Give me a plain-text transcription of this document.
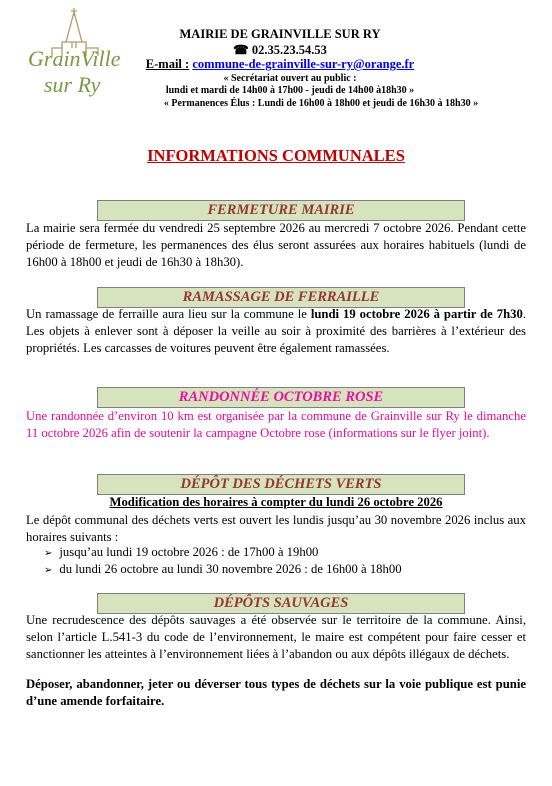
GrainVille
sur Ry
MAIRIE DE GRAINVILLE SUR RY
☎ 02.35.23.54.53
E-mail : commune-de-grainville-sur-ry@orange.fr
« Secrétariat ouvert au public :
lundi et mardi de 14h00 à 17h00 - jeudi de 14h00 à18h30 »
« Permanences Élus : Lundi de 16h00 à 18h00 et jeudi de 16h30 à 18h30 »
INFORMATIONS COMMUNALES
FERMETURE MAIRIE
La mairie sera fermée du vendredi 25 septembre 2026 au mercredi 7 octobre 2026. Pendant cette période de fermeture, les permanences des élus seront assurées aux horaires habituels (lundi de 16h00 à 18h00 et jeudi de 16h30 à 18h30).
RAMASSAGE DE FERRAILLE
Un ramassage de ferraille aura lieu sur la commune le lundi 19 octobre 2026 à partir de 7h30. Les objets à enlever sont à déposer la veille au soir à proximité des barrières à l’extérieur des propriétés. Les carcasses de voitures peuvent être également ramassées.
RANDONNÉE OCTOBRE ROSE
Une randonnée d’environ 10 km est organisée par la commune de Grainville sur Ry le dimanche 11 octobre 2026 afin de soutenir la campagne Octobre rose (informations sur le flyer joint).
DÉPÔT DES DÉCHETS VERTS
Modification des horaires à compter du lundi 26 octobre 2026
Le dépôt communal des déchets verts est ouvert les lundis jusqu’au 30 novembre 2026 inclus aux horaires suivants :
➢ jusqu’au lundi 19 octobre 2026 : de 17h00 à 19h00
➢ du lundi 26 octobre au lundi 30 novembre 2026 : de 16h00 à 18h00
DÉPÔTS SAUVAGES
Une recrudescence des dépôts sauvages a été observée sur le territoire de la commune. Ainsi, selon l’article L.541-3 du code de l’environnement, le maire est compétent pour faire cesser et sanctionner les atteintes à l’environnement liées à l’abandon ou aux dépôts illégaux de déchets.
Déposer, abandonner, jeter ou déverser tous types de déchets sur la voie publique est punie d’une amende forfaitaire.
